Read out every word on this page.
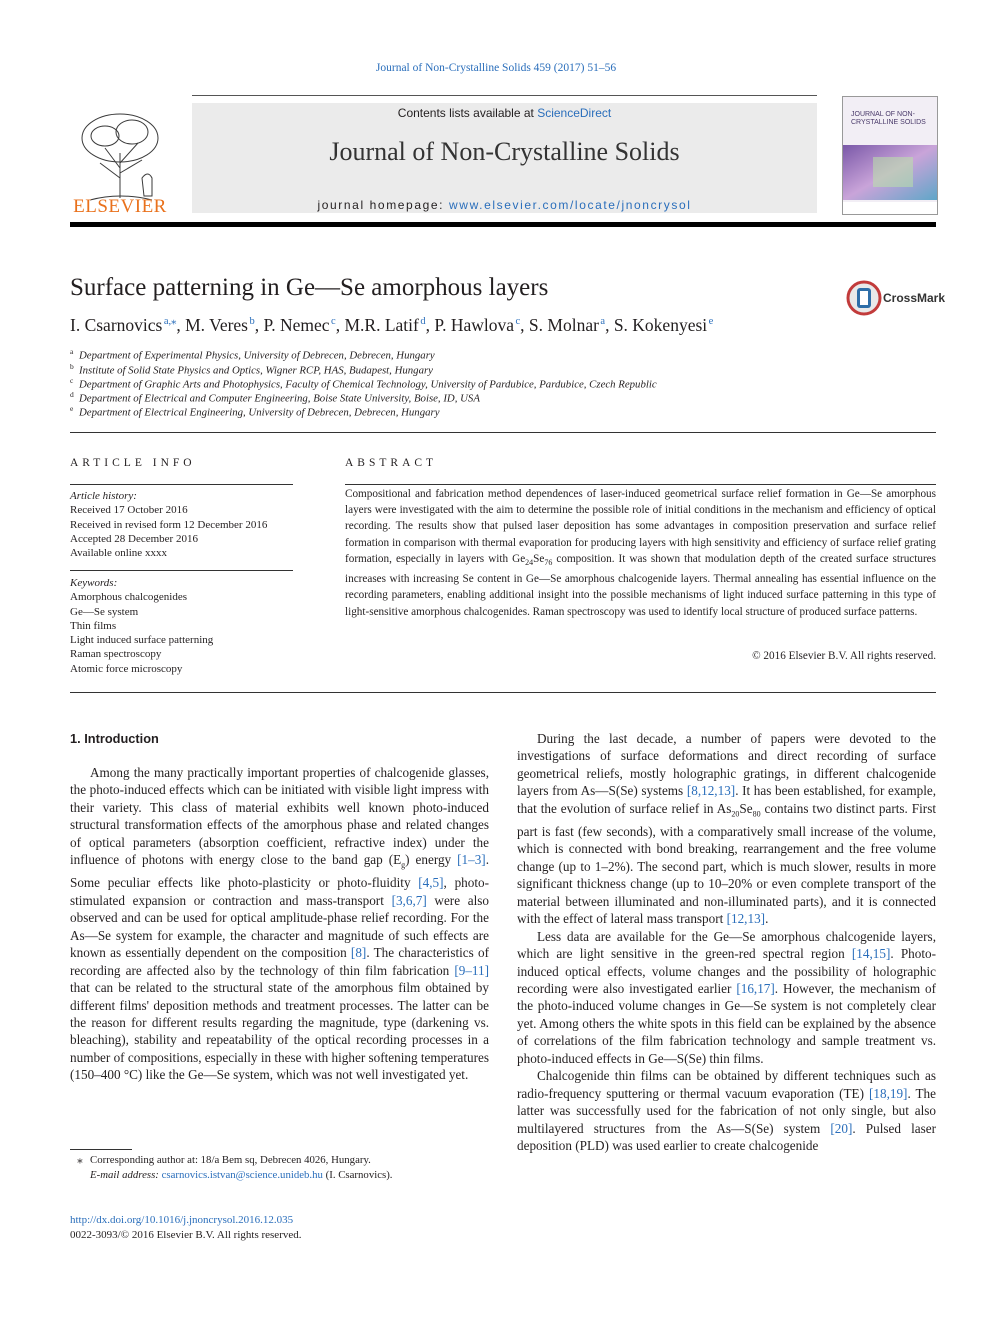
Journal of Non-Crystalline Solids 459 (2017) 51–56
ELSEVIER
Contents lists available at ScienceDirect
Journal of Non-Crystalline Solids
journal homepage: www.elsevier.com/locate/jnoncrysol
JOURNAL OF NON-CRYSTALLINE SOLIDS
Surface patterning in Ge—Se amorphous layers	CrossMark
I. Csarnovics $^{a,⁎}$, M. Veres $^b$, P. Nemec $^c$, M.R. Latif $^d$, P. Hawlova $^c$, S. Molnar $^a$, S. Kokenyesi $^e$
$^a$ Department of Experimental Physics, University of Debrecen, Debrecen, Hungary
$^b$ Institute of Solid State Physics and Optics, Wigner RCP, HAS, Budapest, Hungary
$^c$ Department of Graphic Arts and Photophysics, Faculty of Chemical Technology, University of Pardubice, Pardubice, Czech Republic
$^d$ Department of Electrical and Computer Engineering, Boise State University, Boise, ID, USA
$^e$ Department of Electrical Engineering, University of Debrecen, Debrecen, Hungary
ARTICLE INFO
Article history:
Received 17 October 2016
Received in revised form 12 December 2016
Accepted 28 December 2016
Available online xxxx
Keywords:
Amorphous chalcogenides
Ge—Se system
Thin films
Light induced surface patterning
Raman spectroscopy
Atomic force microscopy
ABSTRACT
Compositional and fabrication method dependences of laser-induced geometrical surface relief formation in Ge—Se amorphous layers were investigated with the aim to determine the possible role of initial conditions in the mechanism and efficiency of optical recording. The results show that pulsed laser deposition has some advantages in composition preservation and surface relief formation in comparison with thermal evaporation for producing layers with high sensitivity and efficiency of surface relief grating formation, especially in layers with $Ge_{24}Se_{76}$ composition. It was shown that modulation depth of the created surface structures increases with increasing Se content in Ge—Se amorphous chalcogenide layers. Thermal annealing has essential influence on the recording parameters, enabling additional insight into the possible mechanisms of light induced surface patterning in this type of light-sensitive amorphous chalcogenides. Raman spectroscopy was used to identify local structure of produced surface patterns.
© 2016 Elsevier B.V. All rights reserved.
1. Introduction

Among the many practically important properties of chalcogenide glasses, the photo-induced effects which can be initiated with visible light impress with their variety. This class of material exhibits well known photo-induced structural transformation effects of the amorphous phase and related changes of optical parameters (absorption coefficient, refractive index) under the influence of photons with energy close to the band gap $(E_g)$ energy [1–3]. Some peculiar effects like photo-plasticity or photo-fluidity [4,5], photo-stimulated expansion or contraction and mass-transport [3,6,7] were also observed and can be used for optical amplitude-phase relief recording. For the As—Se system for example, the character and magnitude of such effects are known as essentially dependent on the composition [8]. The characteristics of recording are affected also by the technology of thin film fabrication [9–11] that can be related to the structural state of the amorphous film obtained by different films' deposition methods and treatment processes. The latter can be the reason for different results regarding the magnitude, type (darkening vs. bleaching), stability and repeatability of the optical recording processes in a number of compositions, especially in these with higher softening temperatures (150–400 °C) like the Ge—Se system, which was not well investigated yet.

During the last decade, a number of papers were devoted to the investigations of surface deformations and direct recording of surface geometrical reliefs, mostly holographic gratings, in different chalcogenide layers from As—S(Se) systems [8,12,13]. It has been established, for example, that the evolution of surface relief in $As_{20}Se_{80}$ contains two distinct parts. First part is fast (few seconds), with a comparatively small increase of the volume, which is connected with bond breaking, rearrangement and the free volume change (up to 1–2%). The second part, which is much slower, results in more significant thickness change (up to 10–20% or even complete transport of the material between illuminated and non-illuminated parts), and it is connected with the effect of lateral mass transport [12,13].

Less data are available for the Ge—Se amorphous chalcogenide layers, which are light sensitive in the green-red spectral region [14,15]. Photo-induced optical effects, volume changes and the possibility of holographic recording were also investigated earlier [16,17]. However, the mechanism of the photo-induced volume changes in Ge—Se system is not completely clear yet. Among others the white spots in this field can be explained by the absence of correlations of the film fabrication technology and sample treatment vs. photo-induced effects in Ge—S(Se) thin films.

Chalcogenide thin films can be obtained by different techniques such as radio-frequency sputtering or thermal vacuum evaporation (TE) [18,19]. The latter was successfully used for the fabrication of not only single, but also multilayered structures from the As—S(Se) system [20]. Pulsed laser deposition (PLD) was used earlier to create chalcogenide

⁎ Corresponding author at: 18/a Bem sq, Debrecen 4026, Hungary.
E-mail address: csarnovics.istvan@science.unideb.hu (I. Csarnovics).
http://dx.doi.org/10.1016/j.jnoncrysol.2016.12.035
0022-3093/© 2016 Elsevier B.V. All rights reserved.
